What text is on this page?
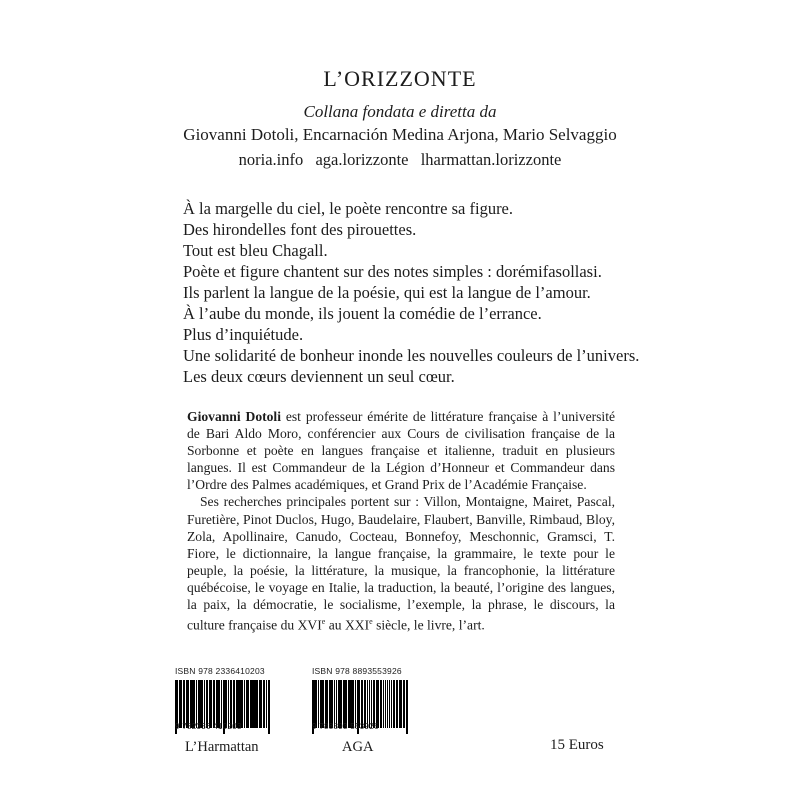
L’ORIZZONTE
Collana fondata e diretta da
Giovanni Dotoli, Encarnación Medina Arjona, Mario Selvaggio
noria.info  aga.lorizzonte  lharmattan.lorizzonte
À la margelle du ciel, le poète rencontre sa figure.
Des hirondelles font des pirouettes.
Tout est bleu Chagall.
Poète et figure chantent sur des notes simples : dorémifasollasi.
Ils parlent la langue de la poésie, qui est la langue de l’amour.
À l’aube du monde, ils jouent la comédie de l’errance.
Plus d’inquiétude.
Une solidarité de bonheur inonde les nouvelles couleurs de l’univers.
Les deux cœurs deviennent un seul cœur.

Giovanni Dotoli est professeur émérite de littérature française à l’université de Bari Aldo Moro, conférencier aux Cours de civilisation française de la Sorbonne et poète en langues française et italienne, traduit en plusieurs langues. Il est Commandeur de la Légion d’Honneur et Commandeur dans l’Ordre des Palmes académiques, et Grand Prix de l’Académie Française.

Ses recherches principales portent sur : Villon, Montaigne, Mairet, Pascal, Furetière, Pinot Duclos, Hugo, Baudelaire, Flaubert, Banville, Rimbaud, Bloy, Zola, Apollinaire, Canudo, Cocteau, Bonnefoy, Meschonnic, Gramsci, T. Fiore, le dictionnaire, la langue française, la grammaire, le texte pour le peuple, la poésie, la littérature, la musique, la francophonie, la littérature québécoise, le voyage en Italie, la traduction, la beauté, l’origine des langues, la paix, la démocratie, le socialisme, l’exemple, la phrase, le discours, la culture française du XVIe au XXIe siècle, le livre, l’art.

ISBN 978 2336410203
9 782336 410203
L’Harmattan
ISBN 978 8893553926
9 788893 553926
AGA	15 Euros
